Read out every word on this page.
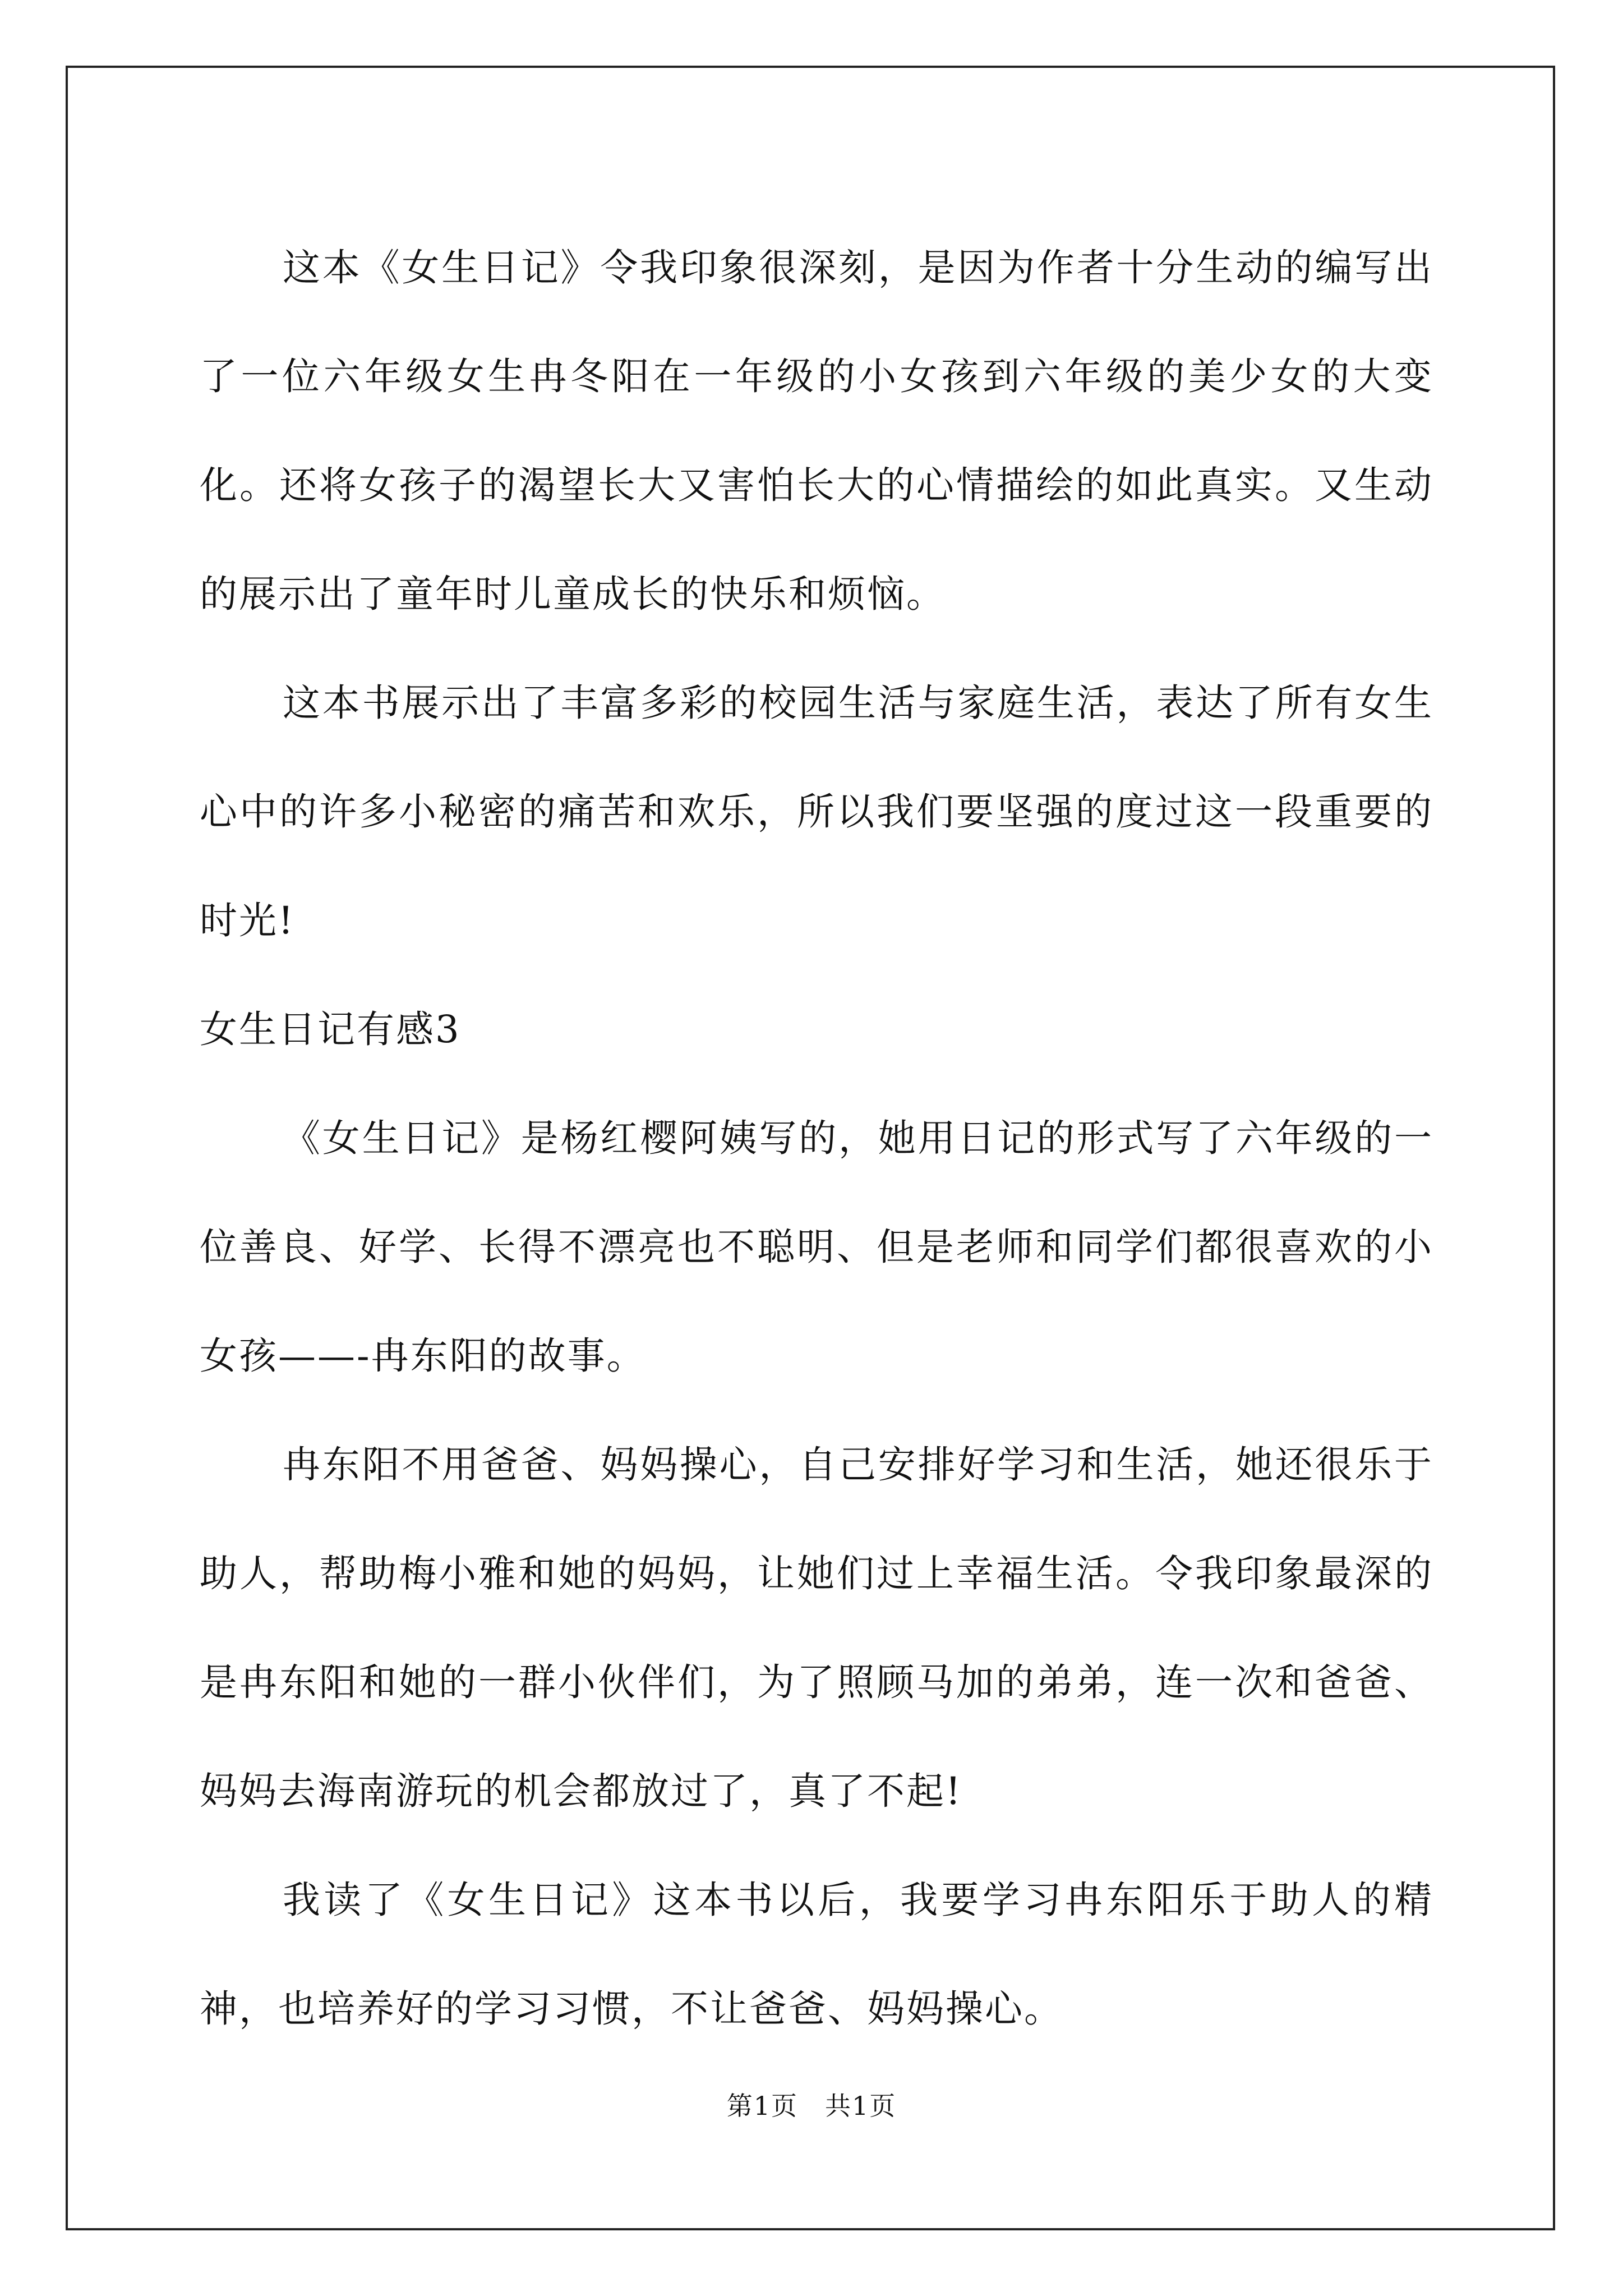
这本《女生日记》令我印象很深刻，是因为作者十分生动的编写出了一位六年级女生冉冬阳在一年级的小女孩到六年级的美少女的大变化。还将女孩子的渴望长大又害怕长大的心情描绘的如此真实。又生动的展示出了童年时儿童成长的快乐和烦恼。

这本书展示出了丰富多彩的校园生活与家庭生活，表达了所有女生心中的许多小秘密的痛苦和欢乐，所以我们要坚强的度过这一段重要的时光!

女生日记有感3

《女生日记》是杨红樱阿姨写的，她用日记的形式写了六年级的一位善良、好学、长得不漂亮也不聪明、但是老师和同学们都很喜欢的小女孩——-冉东阳的故事。

冉东阳不用爸爸、妈妈操心，自己安排好学习和生活，她还很乐于助人，帮助梅小雅和她的妈妈，让她们过上幸福生活。令我印象最深的是冉东阳和她的一群小伙伴们，为了照顾马加的弟弟，连一次和爸爸、妈妈去海南游玩的机会都放过了，真了不起!

我读了《女生日记》这本书以后，我要学习冉东阳乐于助人的精神，也培养好的学习习惯，不让爸爸、妈妈操心。

第1页　共1页
